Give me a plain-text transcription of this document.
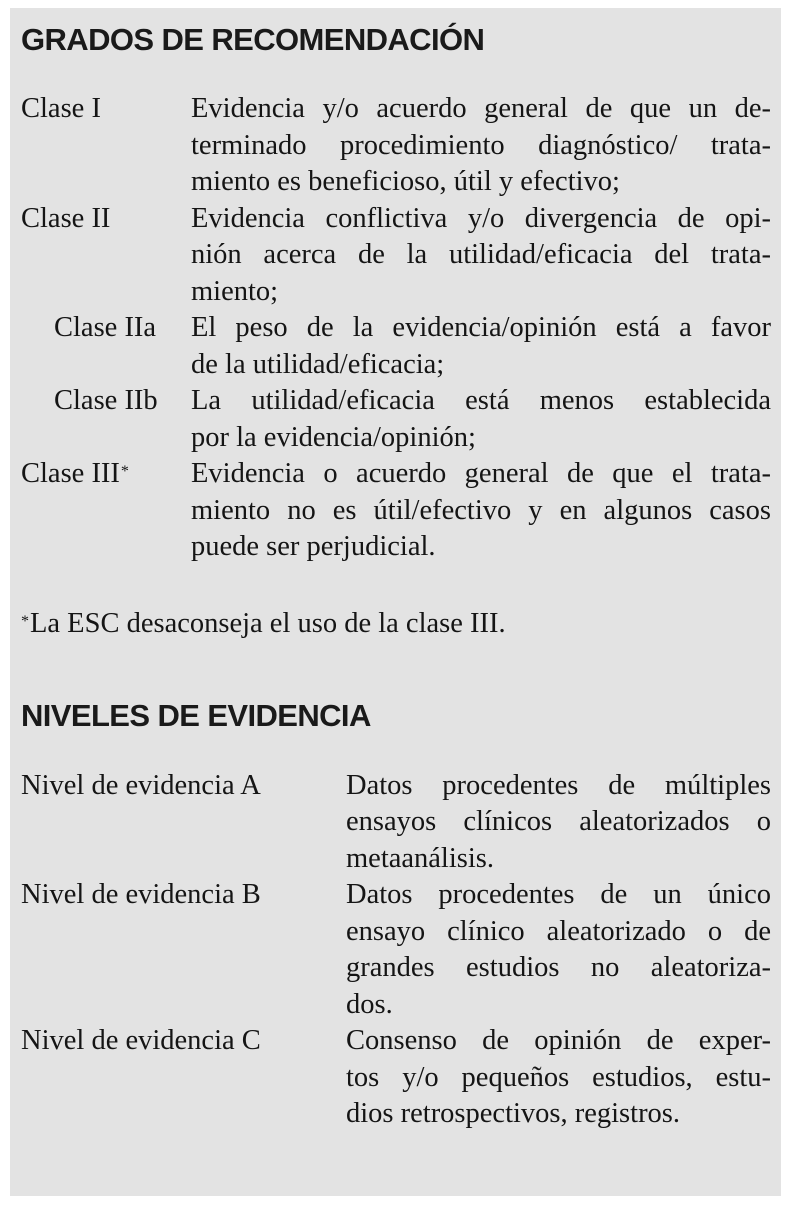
GRADOS DE RECOMENDACIÓN
Clase I	Evidencia y/o acuerdo general de que un de-
terminado procedimiento diagnóstico/ trata-
miento es beneficioso, útil y efectivo;
Clase II	Evidencia conflictiva y/o divergencia de opi-
nión acerca de la utilidad/eficacia del trata-
miento;
Clase IIa	El peso de la evidencia/opinión está a favor
de la utilidad/eficacia;
Clase IIb	La utilidad/eficacia está menos establecida
por la evidencia/opinión;
Clase III*	Evidencia o acuerdo general de que el trata-
miento no es útil/efectivo y en algunos casos
puede ser perjudicial.
*La ESC desaconseja el uso de la clase III.
NIVELES DE EVIDENCIA
Nivel de evidencia A	Datos procedentes de múltiples
ensayos clínicos aleatorizados o
metaanálisis.
Nivel de evidencia B	Datos procedentes de un único
ensayo clínico aleatorizado o de
grandes estudios no aleatoriza-
dos.
Nivel de evidencia C	Consenso de opinión de exper-
tos y/o pequeños estudios, estu-
dios retrospectivos, registros.
